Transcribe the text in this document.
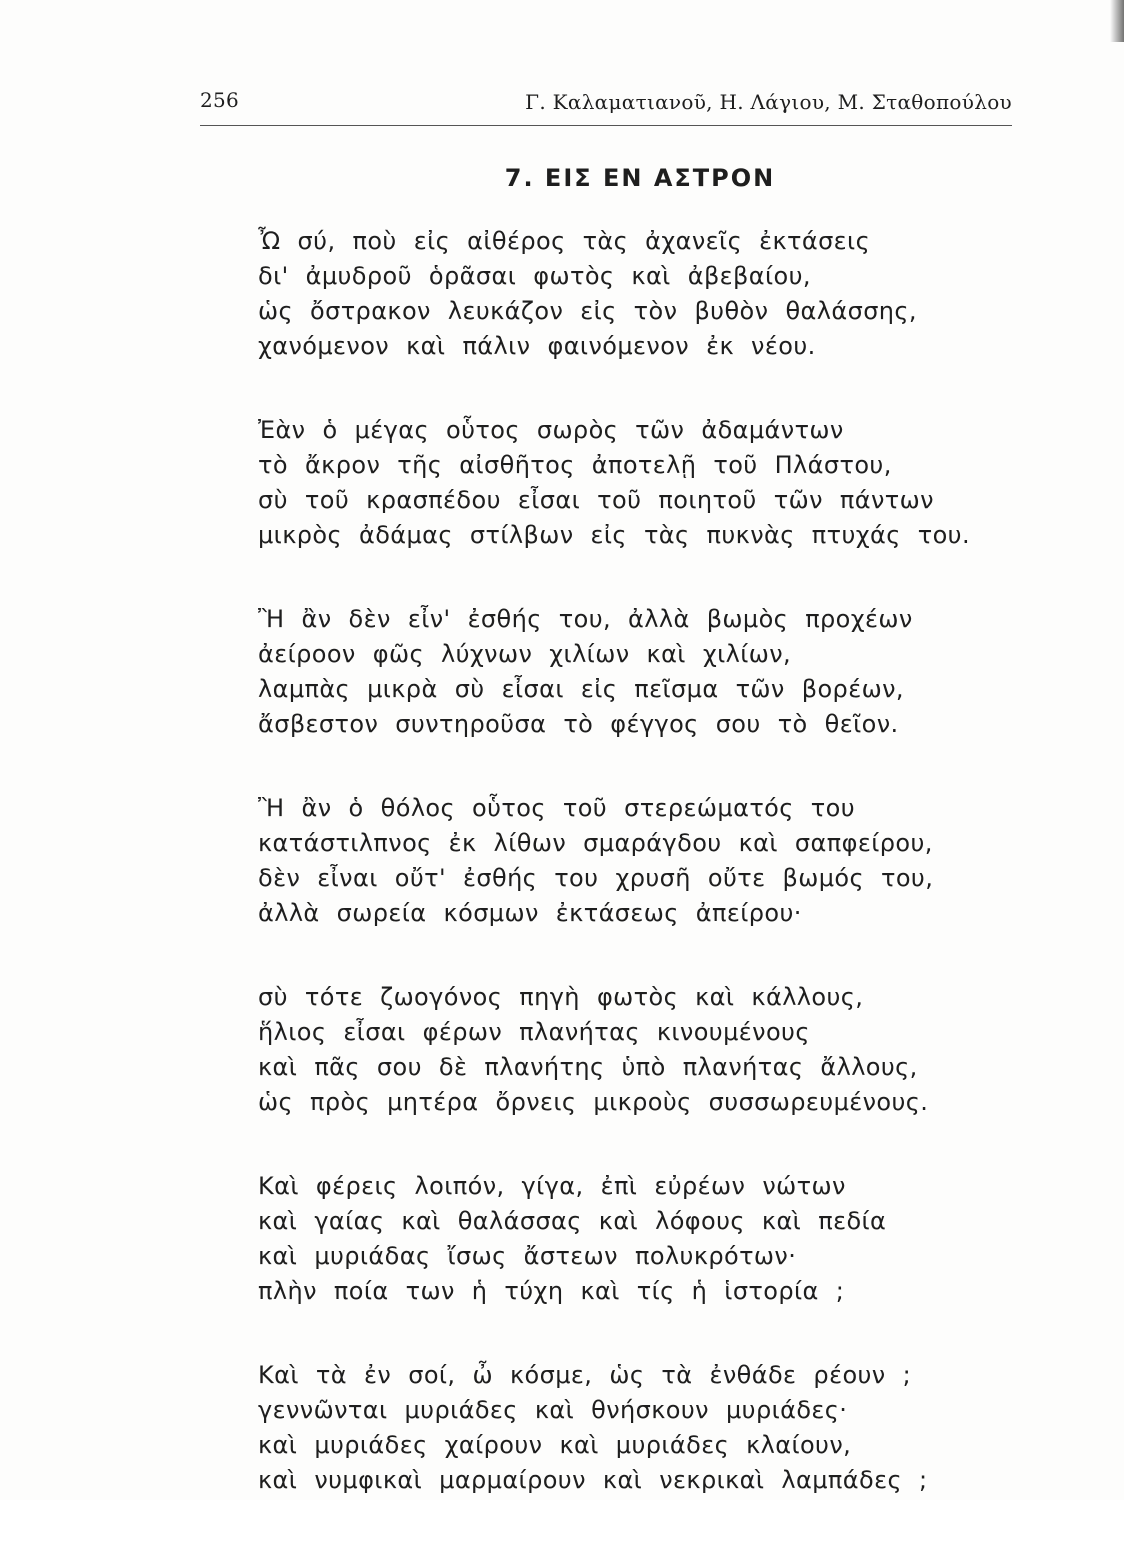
256	Γ. Καλαματιανοῦ, Η. Λάγιου, Μ. Σταθοπούλου
7. ΕΙΣ ΕΝ ΑΣΤΡΟΝ
Ὦ σύ, ποὺ εἰς αἰθέρος τὰς ἀχανεῖς ἐκτάσεις
δι' ἀμυδροῦ ὁρᾶσαι φωτὸς καὶ ἀβεβαίου,
ὡς ὄστρακον λευκάζον εἰς τὸν βυθὸν θαλάσσης,
χανόμενον καὶ πάλιν φαινόμενον ἐκ νέου.
Ἐὰν ὁ μέγας οὗτος σωρὸς τῶν ἀδαμάντων
τὸ ἄκρον τῆς αἰσθῆτος ἀποτελῇ τοῦ Πλάστου,
σὺ τοῦ κρασπέδου εἶσαι τοῦ ποιητοῦ τῶν πάντων
μικρὸς ἀδάμας στίλβων εἰς τὰς πυκνὰς πτυχάς του.
Ἢ ἂν δὲν εἶν' ἐσθής του, ἀλλὰ βωμὸς προχέων
ἀείροον φῶς λύχνων χιλίων καὶ χιλίων,
λαμπὰς μικρὰ σὺ εἶσαι εἰς πεῖσμα τῶν βορέων,
ἄσβεστον συντηροῦσα τὸ φέγγος σου τὸ θεῖον.
Ἢ ἂν ὁ θόλος οὗτος τοῦ στερεώματός του
κατάστιλπνος ἐκ λίθων σμαράγδου καὶ σαπφείρου,
δὲν εἶναι οὔτ' ἐσθής του χρυσῆ οὔτε βωμός του,
ἀλλὰ σωρεία κόσμων ἐκτάσεως ἀπείρου·
σὺ τότε ζωογόνος πηγὴ φωτὸς καὶ κάλλους,
ἥλιος εἶσαι φέρων πλανήτας κινουμένους
καὶ πᾶς σου δὲ πλανήτης ὑπὸ πλανήτας ἄλλους,
ὡς πρὸς μητέρα ὄρνεις μικροὺς συσσωρευμένους.
Καὶ φέρεις λοιπόν, γίγα, ἐπὶ εὐρέων νώτων
καὶ γαίας καὶ θαλάσσας καὶ λόφους καὶ πεδία
καὶ μυριάδας ἴσως ἄστεων πολυκρότων·
πλὴν ποία των ἡ τύχη καὶ τίς ἡ ἱστορία ;
Καὶ τὰ ἐν σοί, ὦ κόσμε, ὡς τὰ ἐνθάδε ρέουν ;
γεννῶνται μυριάδες καὶ θνήσκουν μυριάδες·
καὶ μυριάδες χαίρουν καὶ μυριάδες κλαίουν,
καὶ νυμφικαὶ μαρμαίρουν καὶ νεκρικαὶ λαμπάδες ;
